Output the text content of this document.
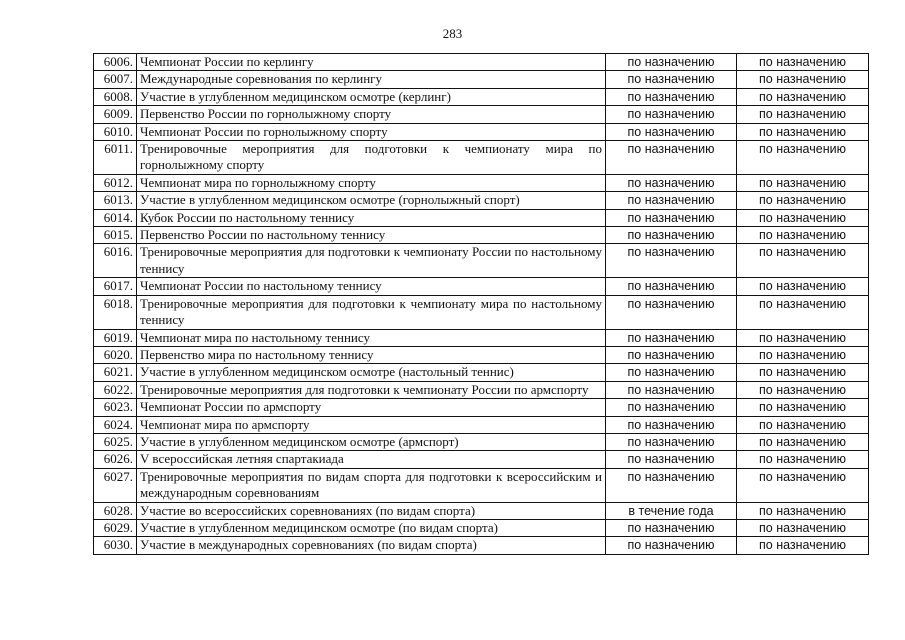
283
6006.	Чемпионат России по керлингу	по назначению	по назначению
6007.	Международные соревнования по керлингу	по назначению	по назначению
6008.	Участие в углубленном медицинском осмотре (керлинг)	по назначению	по назначению
6009.	Первенство России по горнолыжному спорту	по назначению	по назначению
6010.	Чемпионат России по горнолыжному спорту	по назначению	по назначению
6011.	Тренировочные мероприятия для подготовки к чемпионату мира по горнолыжному спорту	по назначению	по назначению
6012.	Чемпионат мира по горнолыжному спорту	по назначению	по назначению
6013.	Участие в углубленном медицинском осмотре (горнолыжный спорт)	по назначению	по назначению
6014.	Кубок России по настольному теннису	по назначению	по назначению
6015.	Первенство России по настольному теннису	по назначению	по назначению
6016.	Тренировочные мероприятия для подготовки к чемпионату России по настольному теннису	по назначению	по назначению
6017.	Чемпионат России по настольному теннису	по назначению	по назначению
6018.	Тренировочные мероприятия для подготовки к чемпионату мира по настольному теннису	по назначению	по назначению
6019.	Чемпионат мира по настольному теннису	по назначению	по назначению
6020.	Первенство мира по настольному теннису	по назначению	по назначению
6021.	Участие в углубленном медицинском осмотре (настольный теннис)	по назначению	по назначению
6022.	Тренировочные мероприятия для подготовки к чемпионату России по армспорту	по назначению	по назначению
6023.	Чемпионат России по армспорту	по назначению	по назначению
6024.	Чемпионат мира по армспорту	по назначению	по назначению
6025.	Участие в углубленном медицинском осмотре (армспорт)	по назначению	по назначению
6026.	V всероссийская летняя спартакиада	по назначению	по назначению
6027.	Тренировочные мероприятия по видам спорта для подготовки к всероссийским и международным соревнованиям	по назначению	по назначению
6028.	Участие во всероссийских соревнованиях (по видам спорта)	в течение года	по назначению
6029.	Участие в углубленном медицинском осмотре (по видам спорта)	по назначению	по назначению
6030.	Участие в международных соревнованиях (по видам спорта)	по назначению	по назначению
